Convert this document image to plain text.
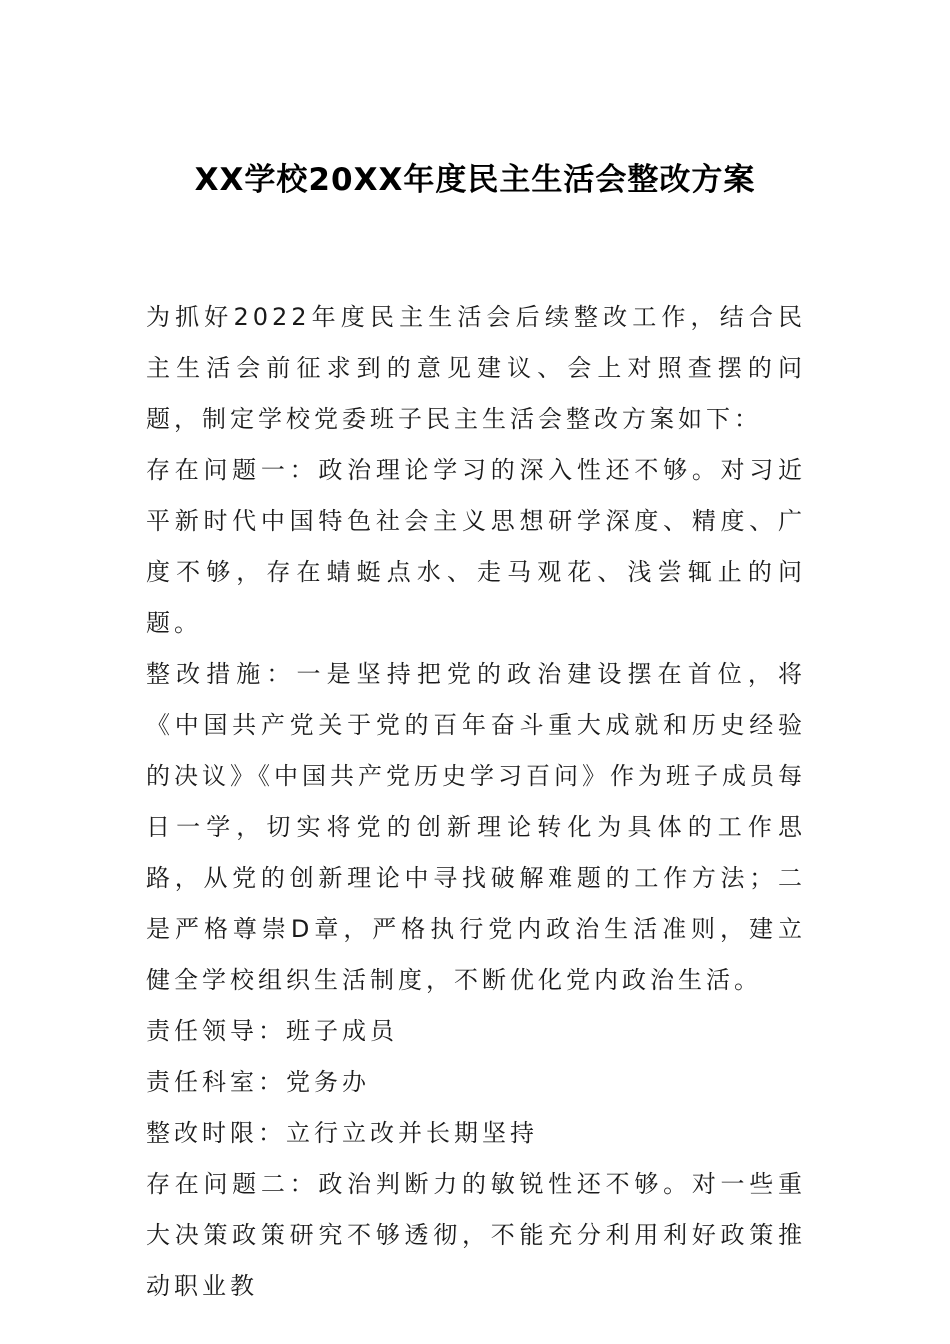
XX学校20XX年度民主生活会整改方案

为抓好2022年度民主生活会后续整改工作，结合民主生活会前征求到的意见建议、会上对照查摆的问题，制定学校党委班子民主生活会整改方案如下：

存在问题一：政治理论学习的深入性还不够。对习近平新时代中国特色社会主义思想研学深度、精度、广度不够，存在蜻蜓点水、走马观花、浅尝辄止的问题。

整改措施：一是坚持把党的政治建设摆在首位，将《中国共产党关于党的百年奋斗重大成就和历史经验的决议》《中国共产党历史学习百问》作为班子成员每日一学，切实将党的创新理论转化为具体的工作思路，从党的创新理论中寻找破解难题的工作方法；二是严格尊崇D章，严格执行党内政治生活准则，建立健全学校组织生活制度，不断优化党内政治生活。

责任领导：班子成员

责任科室：党务办

整改时限：立行立改并长期坚持

存在问题二：政治判断力的敏锐性还不够。对一些重大决策政策研究不够透彻，不能充分利用利好政策推动职业教
